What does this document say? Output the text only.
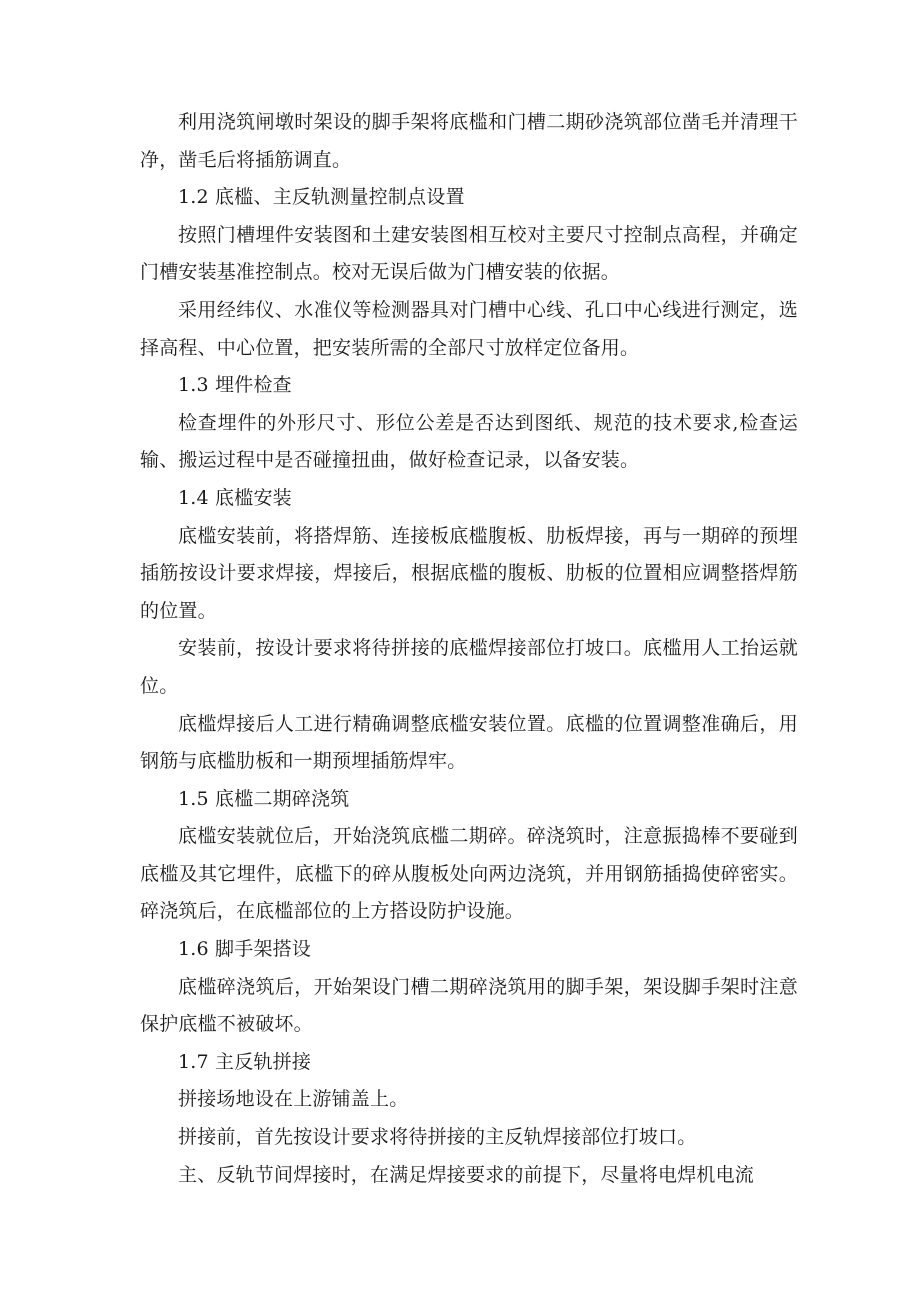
利用浇筑闸墩时架设的脚手架将底槛和门槽二期砂浇筑部位凿毛并清理干净，凿毛后将插筋调直。

1.2 底槛、主反轨测量控制点设置

按照门槽埋件安装图和土建安装图相互校对主要尺寸控制点高程，并确定门槽安装基准控制点。校对无误后做为门槽安装的依据。

采用经纬仪、水准仪等检测器具对门槽中心线、孔口中心线进行测定，选择高程、中心位置，把安装所需的全部尺寸放样定位备用。

1.3 埋件检查

检查埋件的外形尺寸、形位公差是否达到图纸、规范的技术要求,检查运输、搬运过程中是否碰撞扭曲，做好检查记录，以备安装。

1.4 底槛安装

底槛安装前，将搭焊筋、连接板底槛腹板、肋板焊接，再与一期碎的预埋插筋按设计要求焊接，焊接后，根据底槛的腹板、肋板的位置相应调整搭焊筋的位置。

安装前，按设计要求将待拼接的底槛焊接部位打坡口。底槛用人工抬运就位。

底槛焊接后人工进行精确调整底槛安装位置。底槛的位置调整准确后，用钢筋与底槛肋板和一期预埋插筋焊牢。

1.5 底槛二期碎浇筑

底槛安装就位后，开始浇筑底槛二期碎。碎浇筑时，注意振捣棒不要碰到底槛及其它埋件，底槛下的碎从腹板处向两边浇筑，并用钢筋插捣使碎密实。碎浇筑后，在底槛部位的上方搭设防护设施。

1.6 脚手架搭设

底槛碎浇筑后，开始架设门槽二期碎浇筑用的脚手架，架设脚手架时注意保护底槛不被破坏。

1.7 主反轨拼接

拼接场地设在上游铺盖上。

拼接前，首先按设计要求将待拼接的主反轨焊接部位打坡口。

主、反轨节间焊接时，在满足焊接要求的前提下，尽量将电焊机电流
